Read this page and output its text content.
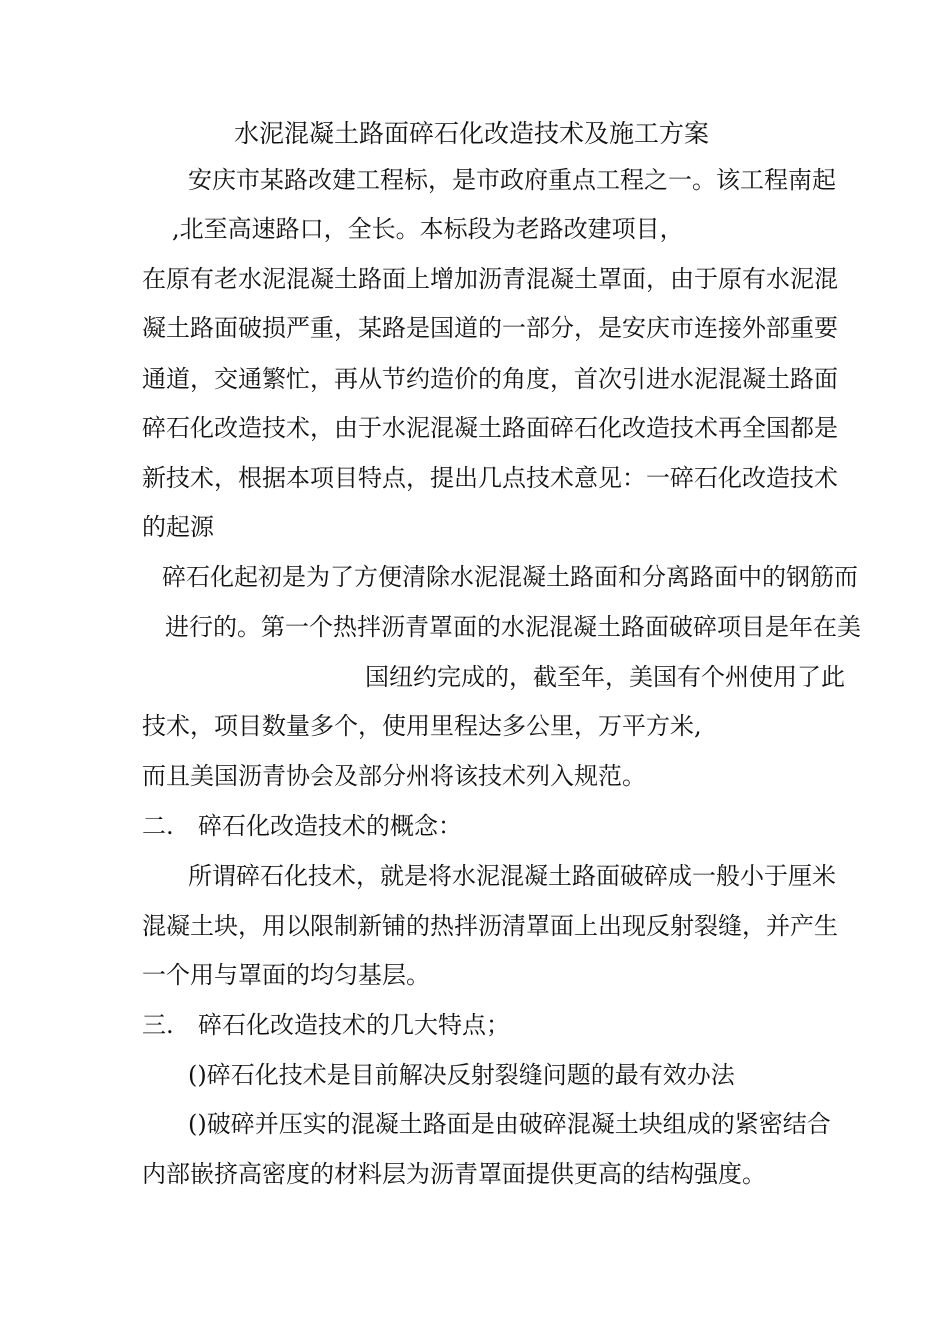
水泥混凝土路面碎石化改造技术及施工方案
安庆市某路改建工程标，是市政府重点工程之一。该工程南起
,北至高速路口，全长。本标段为老路改建项目，
在原有老水泥混凝土路面上增加沥青混凝土罩面，由于原有水泥混
凝土路面破损严重，某路是国道的一部分，是安庆市连接外部重要
通道，交通繁忙，再从节约造价的角度，首次引进水泥混凝土路面
碎石化改造技术，由于水泥混凝土路面碎石化改造技术再全国都是
新技术，根据本项目特点，提出几点技术意见：一碎石化改造技术
的起源
碎石化起初是为了方便清除水泥混凝土路面和分离路面中的钢筋而
进行的。第一个热拌沥青罩面的水泥混凝土路面破碎项目是年在美
国纽约完成的，截至年，美国有个州使用了此
技术，项目数量多个，使用里程达多公里，万平方米,
而且美国沥青协会及部分州将该技术列入规范。
二. 碎石化改造技术的概念：
所谓碎石化技术，就是将水泥混凝土路面破碎成一般小于厘米
混凝土块，用以限制新铺的热拌沥清罩面上出现反射裂缝，并产生
一个用与罩面的均匀基层。
三. 碎石化改造技术的几大特点；
()碎石化技术是目前解决反射裂缝问题的最有效办法
()破碎并压实的混凝土路面是由破碎混凝土块组成的紧密结合
内部嵌挤高密度的材料层为沥青罩面提供更高的结构强度。
